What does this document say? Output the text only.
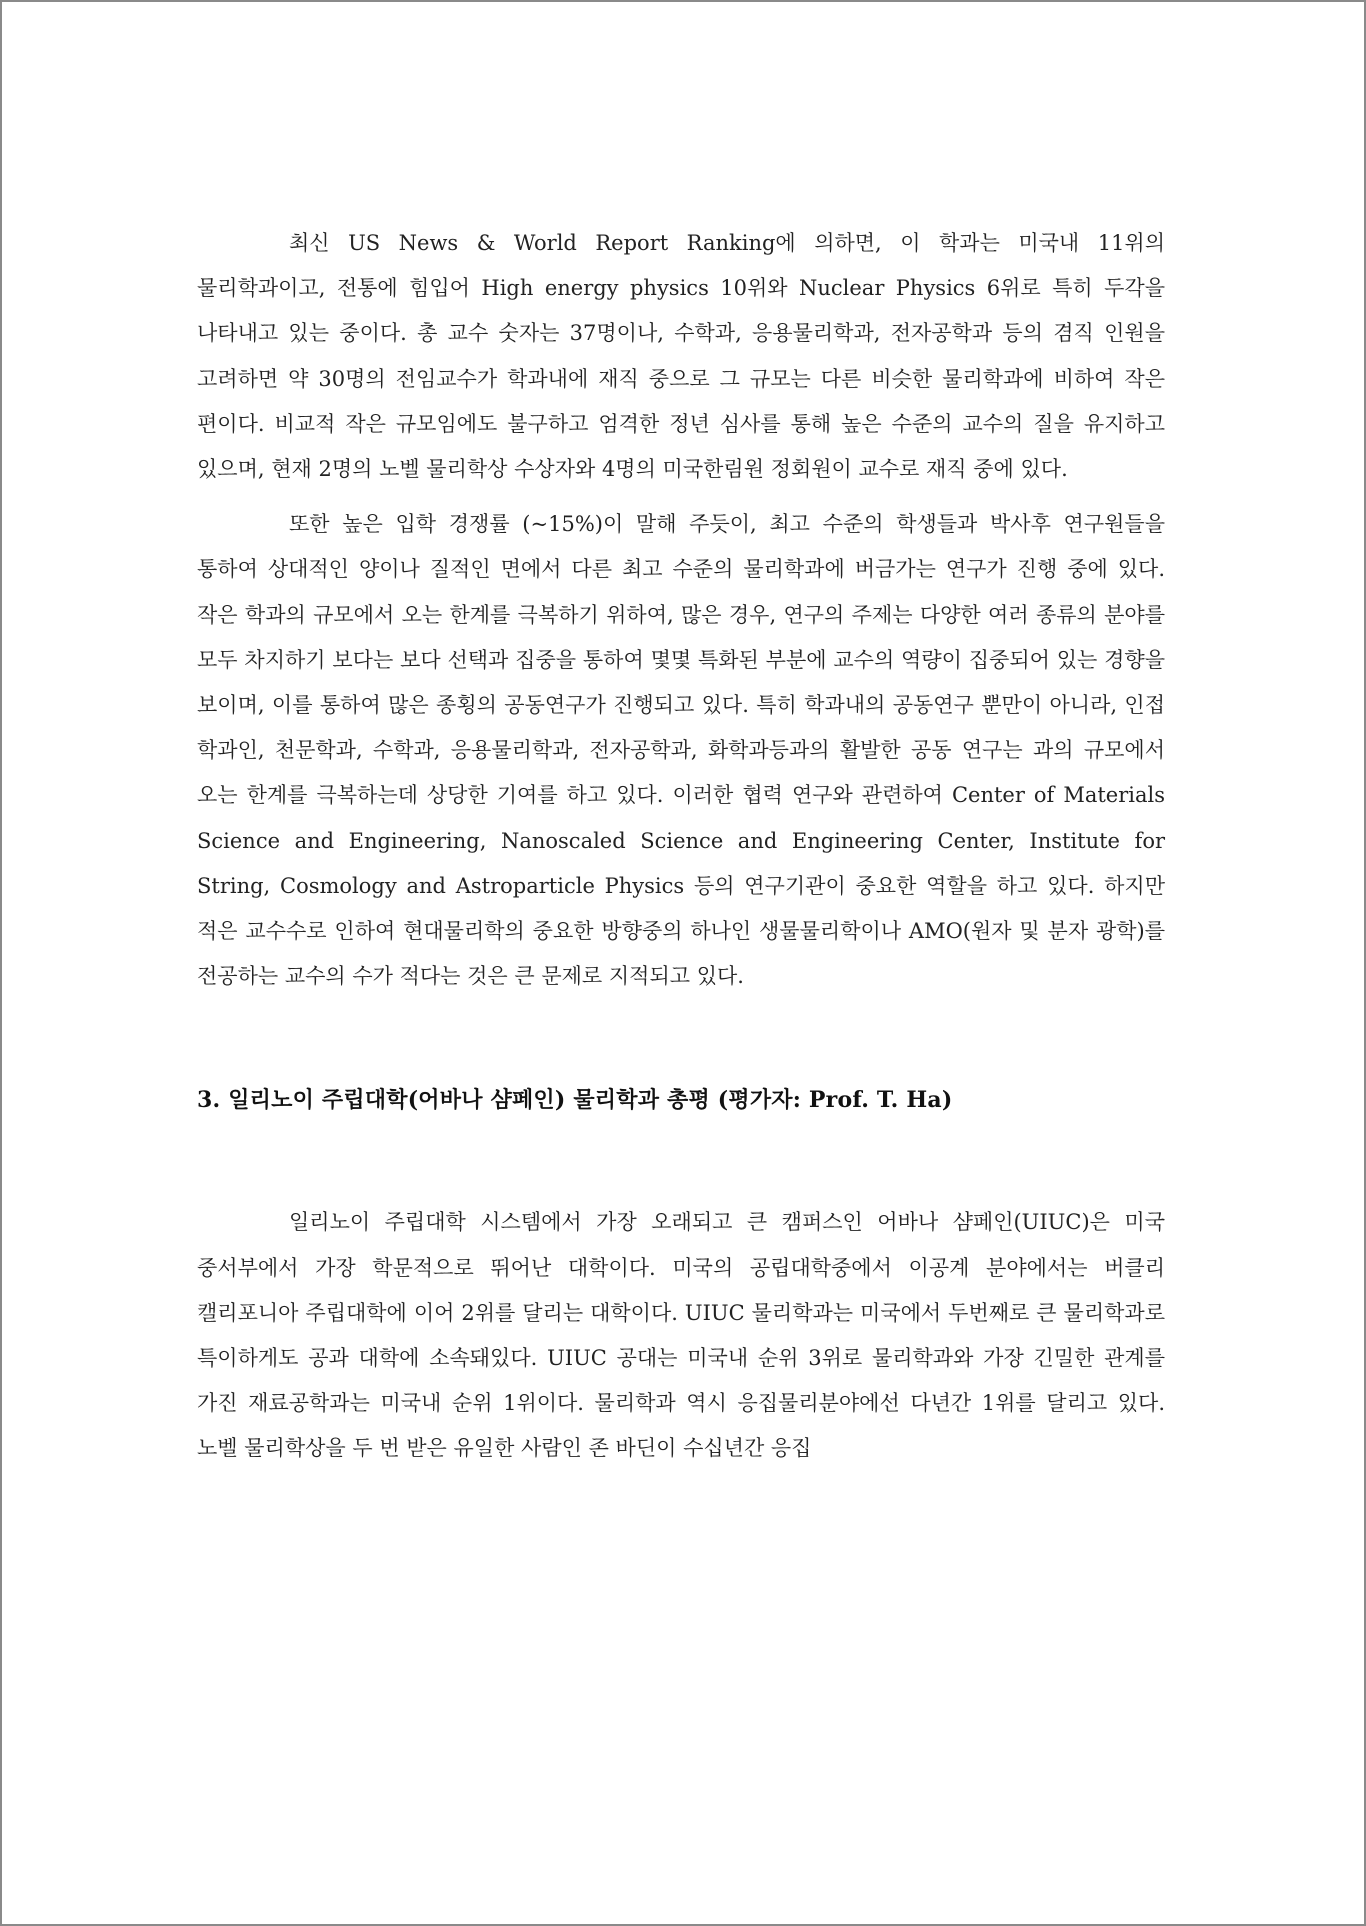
최신 US News & World Report Ranking에 의하면, 이 학과는 미국내 11위의 물리학과이고, 전통에 힘입어 High energy physics 10위와 Nuclear Physics 6위로 특히 두각을 나타내고 있는 중이다. 총 교수 숫자는 37명이나, 수학과, 응용물리학과, 전자공학과 등의 겸직 인원을 고려하면 약 30명의 전임교수가 학과내에 재직 중으로 그 규모는 다른 비슷한 물리학과에 비하여 작은 편이다. 비교적 작은 규모임에도 불구하고 엄격한 정년 심사를 통해 높은 수준의 교수의 질을 유지하고 있으며, 현재 2명의 노벨 물리학상 수상자와 4명의 미국한림원 정회원이 교수로 재직 중에 있다.

또한 높은 입학 경쟁률 (~15%)이 말해 주듯이, 최고 수준의 학생들과 박사후 연구원들을 통하여 상대적인 양이나 질적인 면에서 다른 최고 수준의 물리학과에 버금가는 연구가 진행 중에 있다. 작은 학과의 규모에서 오는 한계를 극복하기 위하여, 많은 경우, 연구의 주제는 다양한 여러 종류의 분야를 모두 차지하기 보다는 보다 선택과 집중을 통하여 몇몇 특화된 부분에 교수의 역량이 집중되어 있는 경향을 보이며, 이를 통하여 많은 종횡의 공동연구가 진행되고 있다. 특히 학과내의 공동연구 뿐만이 아니라, 인접 학과인, 천문학과, 수학과, 응용물리학과, 전자공학과, 화학과등과의 활발한 공동 연구는 과의 규모에서 오는 한계를 극복하는데 상당한 기여를 하고 있다. 이러한 협력 연구와 관련하여 Center of Materials Science and Engineering, Nanoscaled Science and Engineering Center, Institute for String, Cosmology and Astroparticle Physics 등의 연구기관이 중요한 역할을 하고 있다. 하지만 적은 교수수로 인하여 현대물리학의 중요한 방향중의 하나인 생물물리학이나 AMO(원자 및 분자 광학)를 전공하는 교수의 수가 적다는 것은 큰 문제로 지적되고 있다.

3. 일리노이 주립대학(어바나 샴페인) 물리학과 총평 (평가자: Prof. T. Ha)

일리노이 주립대학 시스템에서 가장 오래되고 큰 캠퍼스인 어바나 샴페인(UIUC)은 미국 중서부에서 가장 학문적으로 뛰어난 대학이다. 미국의 공립대학중에서 이공계 분야에서는 버클리 캘리포니아 주립대학에 이어 2위를 달리는 대학이다. UIUC 물리학과는 미국에서 두번째로 큰 물리학과로 특이하게도 공과 대학에 소속돼있다. UIUC 공대는 미국내 순위 3위로 물리학과와 가장 긴밀한 관계를 가진 재료공학과는 미국내 순위 1위이다. 물리학과 역시 응집물리분야에선 다년간 1위를 달리고 있다. 노벨 물리학상을 두 번 받은 유일한 사람인 존 바딘이 수십년간 응집
